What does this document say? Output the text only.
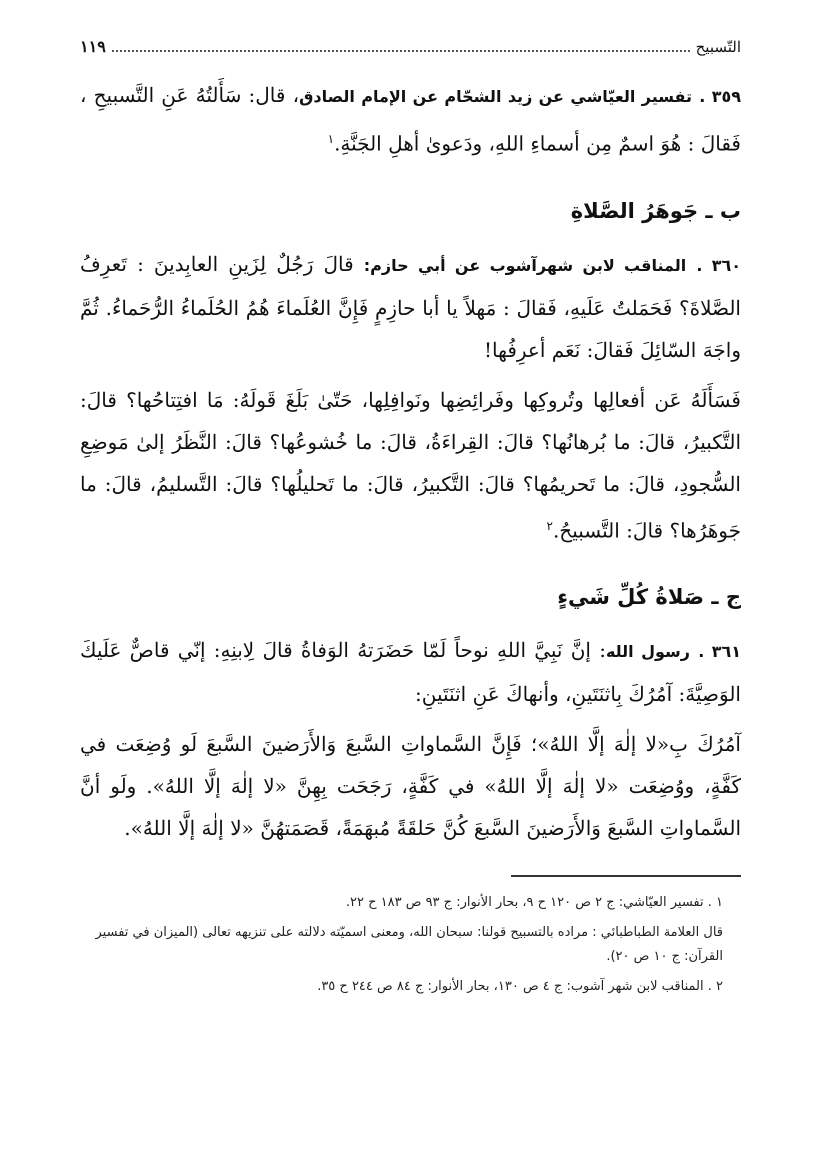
التّسبيح
١١٩
٣٥٩ . تفسير العيّاشي عن زيد الشحّام عن الإمام الصادق، قال: سَأَلتُهُ عَنِ التَّسبيحِ ، فَقالَ : هُوَ اسمٌ مِن أسماءِ اللهِ، ودَعوىٰ أهلِ الجَنَّةِ.$^١$
ب ـ جَوهَرُ الصَّلاةِ
٣٦٠ . المناقب لابن شهرآشوب عن أبي حازم: قالَ رَجُلٌ لِزَينِ العابِدينَ : تَعرِفُ الصَّلاةَ؟ فَحَمَلتُ عَلَيهِ، فَقالَ : مَهلاً يا أبا حازِمٍ فَإِنَّ العُلَماءَ هُمُ الحُلَماءُ الرُّحَماءُ. ثُمَّ واجَهَ السّائِلَ فَقالَ: نَعَم أعرِفُها!
فَسَأَلَهُ عَن أفعالِها وتُروكِها وفَرائِضِها ونَوافِلِها، حَتّىٰ بَلَغَ قَولَهُ: مَا افتِتاحُها؟ قالَ: التَّكبيرُ، قالَ: ما بُرهانُها؟ قالَ: القِراءَةُ، قالَ: ما خُشوعُها؟ قالَ: النَّظَرُ إلىٰ مَوضِعِ السُّجودِ، قالَ: ما تَحريمُها؟ قالَ: التَّكبيرُ، قالَ: ما تَحليلُها؟ قالَ: التَّسليمُ، قالَ: ما جَوهَرُها؟ قالَ: التَّسبيحُ.$^٢$
ج ـ صَلاةُ كُلِّ شَيءٍ
٣٦١ . رسول الله: إنَّ نَبِيَّ اللهِ نوحاً لَمّا حَضَرَتهُ الوَفاةُ قالَ لِابنِهِ: إنّي قاصٌّ عَلَيكَ الوَصِيَّةَ: آمُرُكَ بِاثنَتَينِ، وأنهاكَ عَنِ اثنَتَينِ:
آمُرُكَ بِ«لا إلٰهَ إلَّا اللهُ»؛ فَإِنَّ السَّماواتِ السَّبعَ وَالأَرَضينَ السَّبعَ لَو وُضِعَت في كَفَّةٍ، ووُضِعَت «لا إلٰهَ إلَّا اللهُ» في كَفَّةٍ، رَجَحَت بِهِنَّ «لا إلٰهَ إلَّا اللهُ». ولَو أنَّ السَّماواتِ السَّبعَ وَالأَرَضينَ السَّبعَ كُنَّ حَلقَةً مُبهَمَةً، قَصَمَتهُنَّ «لا إلٰهَ إلَّا اللهُ».
١ . تفسير العيّاشي: ج ٢ ص ١٢٠ ح ٩، بحار الأنوار: ج ٩٣ ص ١٨٣ ح ٢٢.
قال العلامة الطباطبائي : مراده بالتسبيح قولنا: سبحان الله، ومعنى اسميّته دلالته على تنزيهه تعالى (الميزان في تفسير القرآن: ج ١٠ ص ٢٠).
٢ . المناقب لابن شهر آشوب: ج ٤ ص ١٣٠، بحار الأنوار: ج ٨٤ ص ٢٤٤ ح ٣٥.
